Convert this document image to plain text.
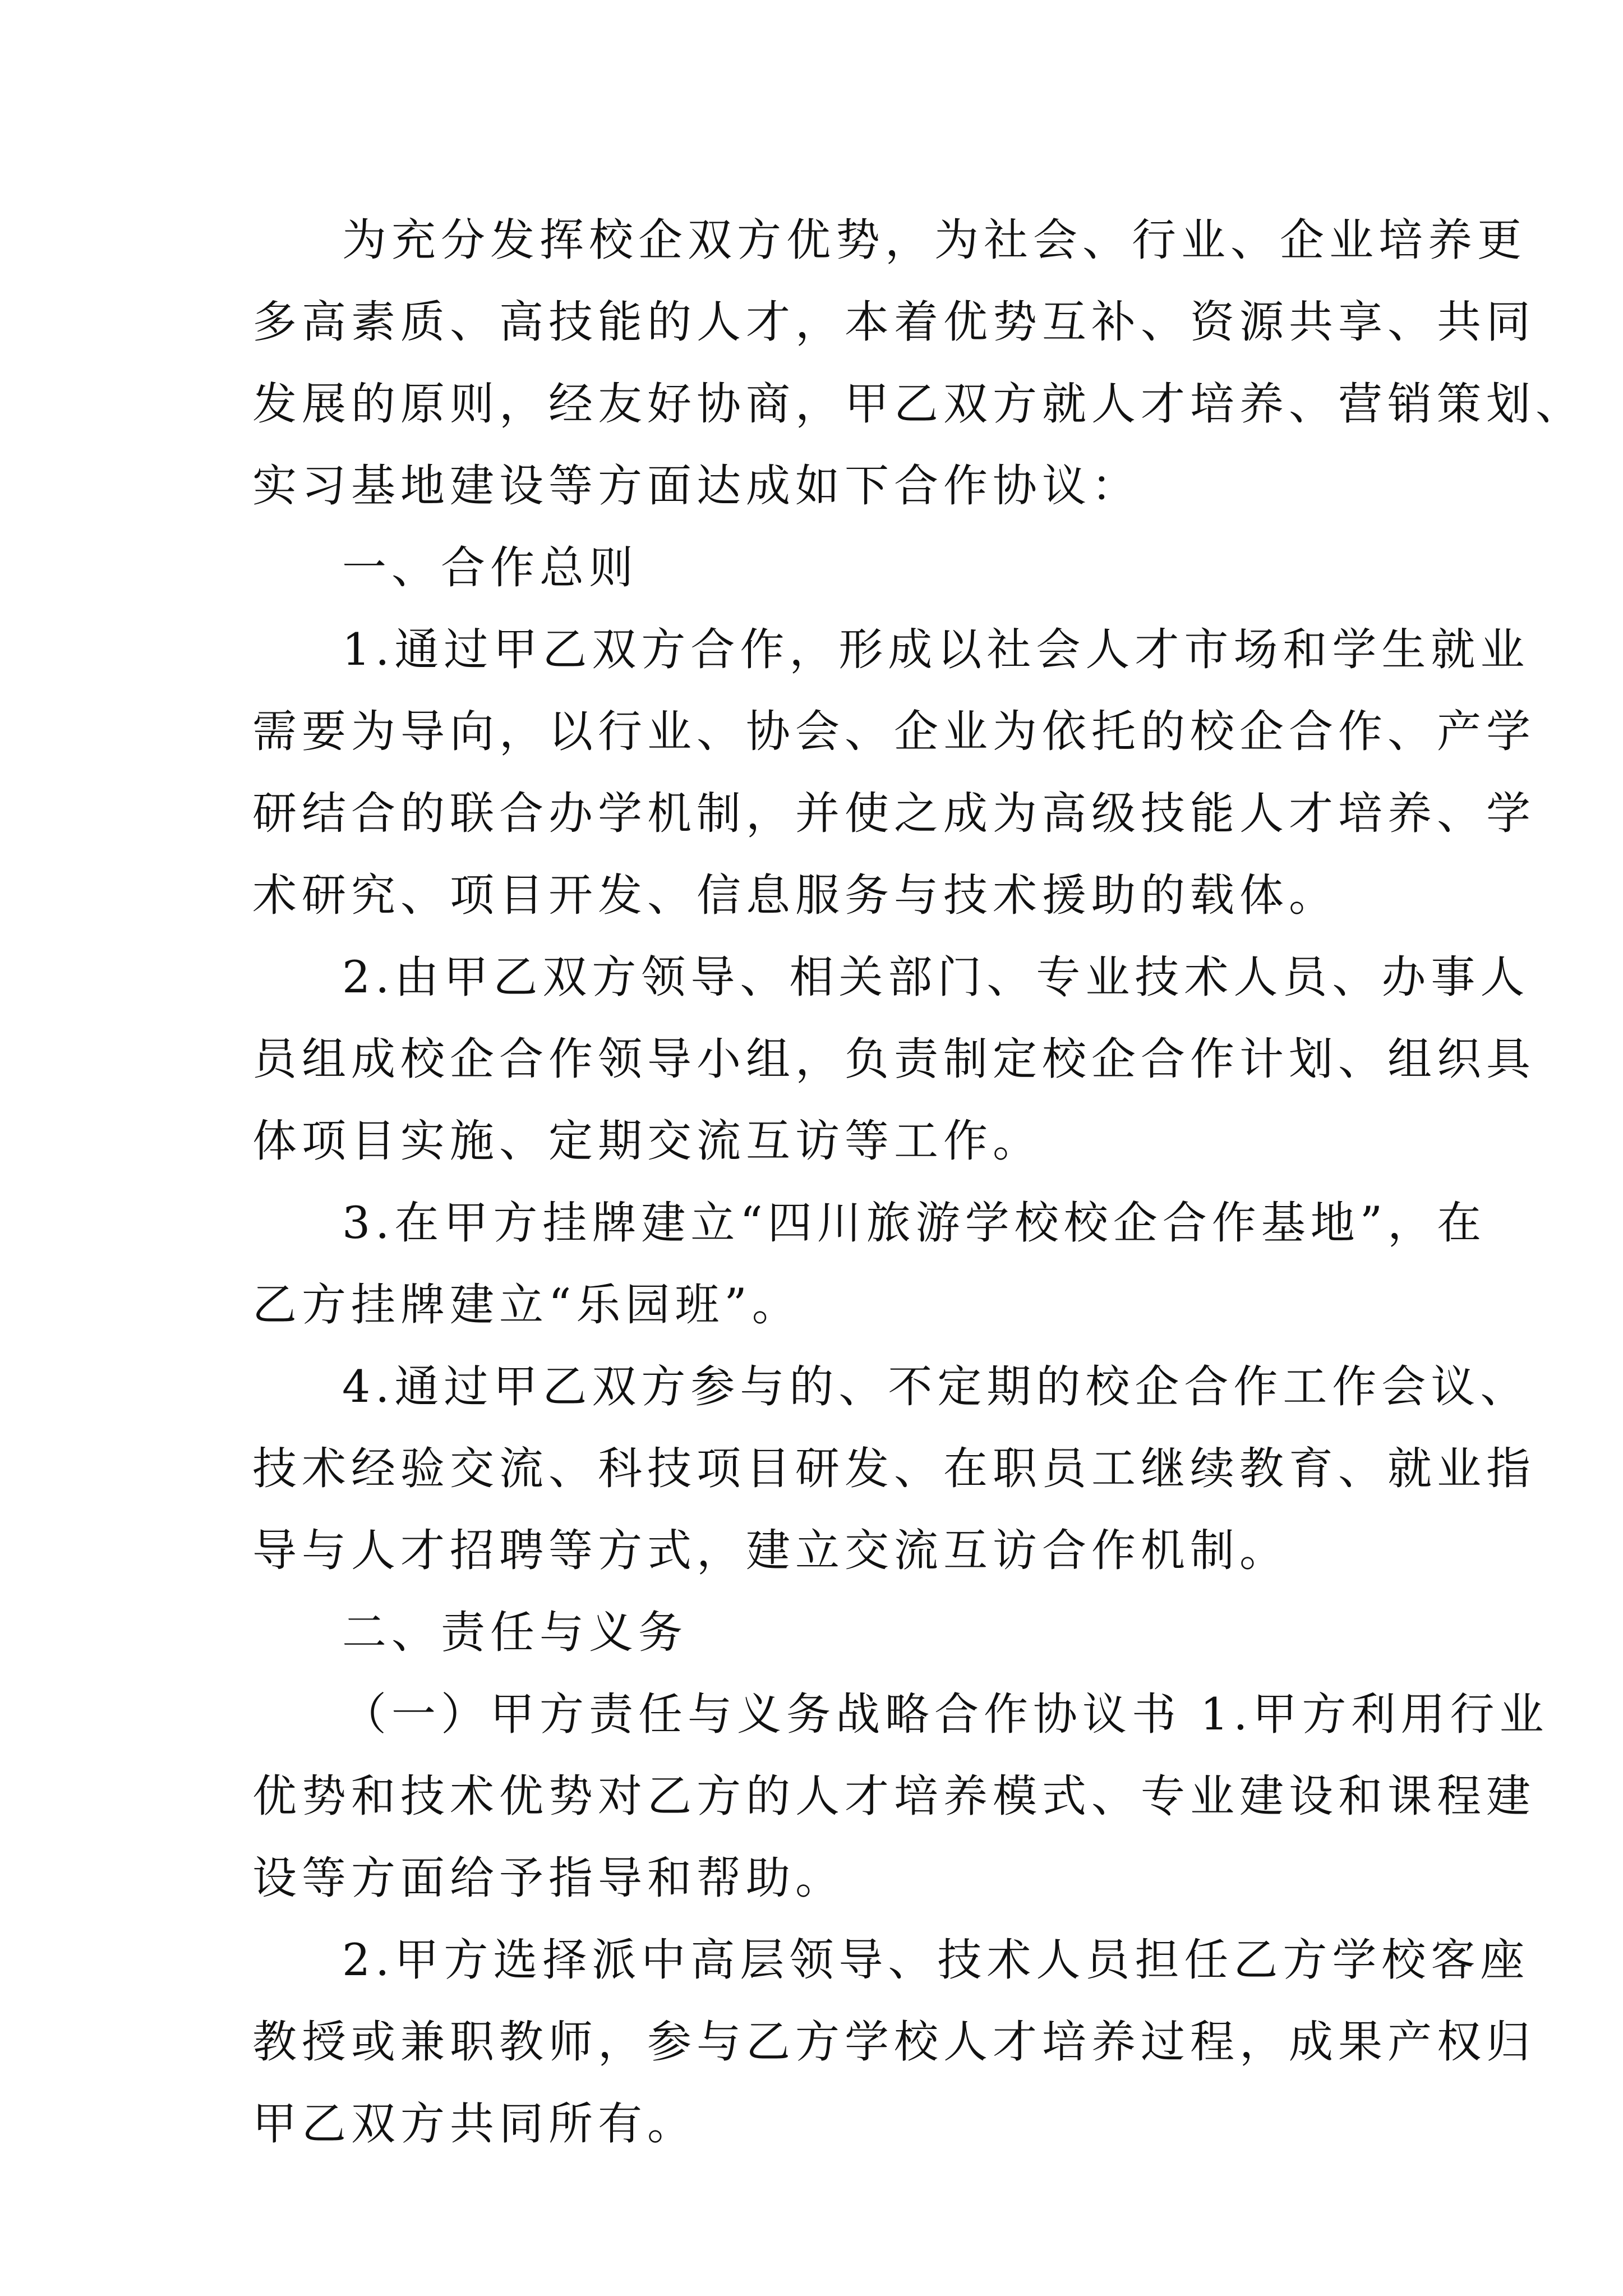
为充分发挥校企双方优势，为社会、行业、企业培养更
多高素质、高技能的人才，本着优势互补、资源共享、共同
发展的原则，经友好协商，甲乙双方就人才培养、营销策划、
实习基地建设等方面达成如下合作协议：
一、合作总则
1.通过甲乙双方合作，形成以社会人才市场和学生就业
需要为导向，以行业、协会、企业为依托的校企合作、产学
研结合的联合办学机制，并使之成为高级技能人才培养、学
术研究、项目开发、信息服务与技术援助的载体。
2.由甲乙双方领导、相关部门、专业技术人员、办事人
员组成校企合作领导小组，负责制定校企合作计划、组织具
体项目实施、定期交流互访等工作。
3.在甲方挂牌建立“四川旅游学校校企合作基地”，在
乙方挂牌建立“乐园班”。
4.通过甲乙双方参与的、不定期的校企合作工作会议、
技术经验交流、科技项目研发、在职员工继续教育、就业指
导与人才招聘等方式，建立交流互访合作机制。
二、责任与义务
（一）甲方责任与义务战略合作协议书 1.甲方利用行业
优势和技术优势对乙方的人才培养模式、专业建设和课程建
设等方面给予指导和帮助。
2.甲方选择派中高层领导、技术人员担任乙方学校客座
教授或兼职教师，参与乙方学校人才培养过程，成果产权归
甲乙双方共同所有。
